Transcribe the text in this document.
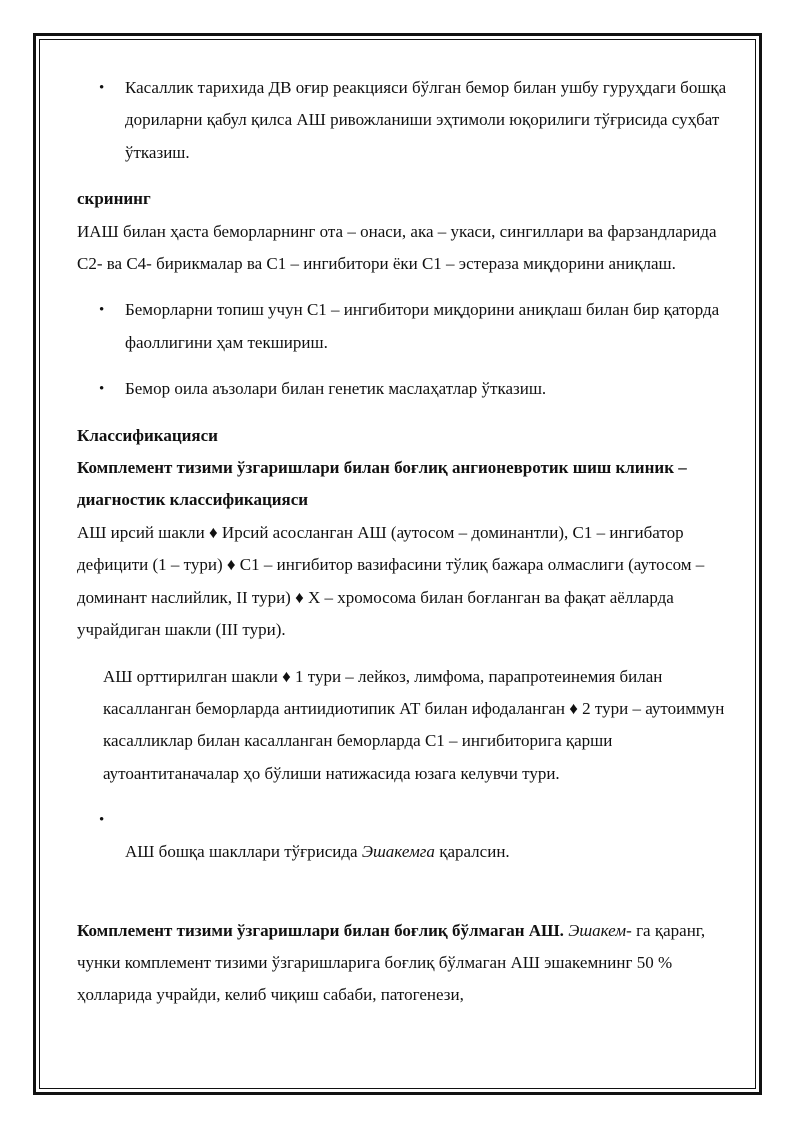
• Касаллик тарихида ДВ оғир реакцияси бўлган бемор билан ушбу гуруҳдаги бошқа дориларни қабул қилса АШ ривожланиши эҳтимоли юқорилиги тўғрисида суҳбат ўтказиш.

скрининг

ИАШ билан ҳаста беморларнинг ота – онаси, ака – укаси, сингиллари ва фарзандларида С2- ва С4- бирикмалар ва С1 – ингибитори ёки С1 – эстераза миқдорини аниқлаш.

• Беморларни топиш учун С1 – ингибитори миқдорини аниқлаш билан бир қаторда фаоллигини ҳам текшириш.

• Бемор оила аъзолари билан генетик маслаҳатлар ўтказиш.

Классификацияси

Комплемент тизими ўзгаришлари билан боғлиқ ангионевротик шиш клиник – диагностик классификацияси

АШ ирсий шакли ♦ Ирсий асосланган АШ (аутосом – доминантли), С1 – ингибатор дефицити (1 – тури) ♦ С1 – ингибитор вазифасини тўлиқ бажара олмаслиги (аутосом – доминант наслийлик, II тури) ♦ Х – хромосома билан боғланган ва фақат аёлларда учрайдиган шакли (III тури).

АШ орттирилган шакли ♦ 1 тури – лейкоз, лимфома, парапротеинемия билан касалланган беморларда антиидиотипик АТ билан ифодаланган ♦ 2 тури – аутоиммун касалликлар билан касалланган беморларда С1 – ингибиторига қарши аутоантитаначалар ҳо бўлиши натижасида юзага келувчи тури.

•

АШ бошқа шакллари тўғрисида Эшакемга қаралсин.

Комплемент тизими ўзгаришлари билан боғлиқ бўлмаган АШ. Эшакем- га қаранг, чунки комплемент тизими ўзгаришларига боғлиқ бўлмаган АШ эшакемнинг 50 % ҳолларида учрайди, келиб чиқиш сабаби, патогенези,
